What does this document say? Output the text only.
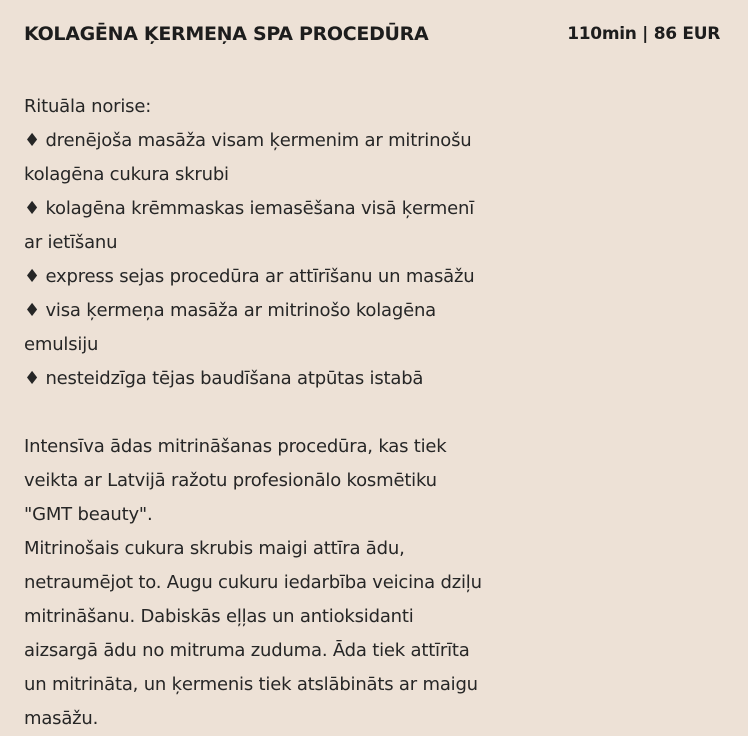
KOLAGĒNA ĶERMEŅA SPA PROCEDŪRA	110min | 86 EUR
Rituāla norise:
♦ drenējoša masāža visam ķermenim ar mitrinošu
kolagēna cukura skrubi
♦ kolagēna krēmmaskas iemasēšana visā ķermenī
ar ietīšanu
♦ express sejas procedūra ar attīrīšanu un masāžu
♦ visa ķermeņa masāža ar mitrinošo kolagēna
emulsiju
♦ nesteidzīga tējas baudīšana atpūtas istabā
Intensīva ādas mitrināšanas procedūra, kas tiek
veikta ar Latvijā ražotu profesionālo kosmētiku
"GMT beauty".
Mitrinošais cukura skrubis maigi attīra ādu,
netraumējot to. Augu cukuru iedarbība veicina dziļu
mitrināšanu. Dabiskās eļļas un antioksidanti
aizsargā ādu no mitruma zuduma. Āda tiek attīrīta
un mitrināta, un ķermenis tiek atslābināts ar maigu
masāžu.
